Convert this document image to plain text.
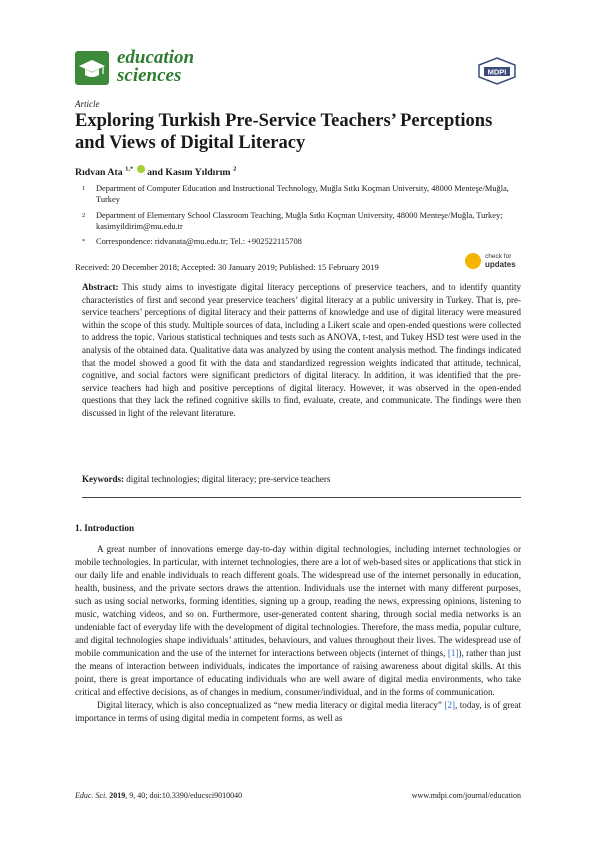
education
sciences	MDPI
Article
Exploring Turkish Pre-Service Teachers’ Perceptions and Views of Digital Literacy
Rıdvan Ata $^{1,*}$ and Kasım Yıldırım $^2$
1 Department of Computer Education and Instructional Technology, Muğla Sıtkı Koçman University, 48000 Menteşe/Muğla, Turkey
2 Department of Elementary School Classroom Teaching, Muğla Sıtkı Koçman University, 48000 Menteşe/Muğla, Turkey; kasimyildirim@mu.edu.tr
* Correspondence: ridvanata@mu.edu.tr; Tel.: +902522115708
Received: 20 December 2018; Accepted: 30 January 2019; Published: 15 February 2019
check for
updates
Abstract: This study aims to investigate digital literacy perceptions of preservice teachers, and to identify quantity characteristics of first and second year preservice teachers’ digital literacy at a public university in Turkey. That is, pre-service teachers’ perceptions of digital literacy and their patterns of knowledge and use of digital literacy were measured within the scope of this study. Multiple sources of data, including a Likert scale and open-ended questions were collected to address the topic. Various statistical techniques and tests such as ANOVA, t-test, and Tukey HSD test were used in the analysis of the obtained data. Qualitative data was analyzed by using the content analysis method. The findings indicated that the model showed a good fit with the data and standardized regression weights indicated that attitude, technical, cognitive, and social factors were significant predictors of digital literacy. In addition, it was identified that the pre-service teachers had high and positive perceptions of digital literacy. However, it was observed in the open-ended questions that they lack the refined cognitive skills to find, evaluate, create, and communicate. The findings were then discussed in light of the relevant literature.
Keywords: digital technologies; digital literacy; pre-service teachers
1. Introduction

A great number of innovations emerge day-to-day within digital technologies, including internet technologies or mobile technologies. In particular, with internet technologies, there are a lot of web-based sites or applications that stick in our daily life and enable individuals to reach different goals. The widespread use of the internet personally in education, health, business, and the private sectors draws the attention. Individuals use the internet with many different purposes, such as using social networks, forming identities, signing up a group, reading the news, expressing opinions, listening to music, watching videos, and so on. Furthermore, user-generated content sharing, through social media networks is an undeniable fact of everyday life with the development of digital technologies. Therefore, the mass media, popular culture, and digital technologies shape individuals’ attitudes, behaviours, and values throughout their lives. The widespread use of mobile communication and the use of the internet for interactions between objects (internet of things, [1]), rather than just the means of interaction between individuals, indicates the importance of raising awareness about digital skills. At this point, there is great importance of educating individuals who are well aware of digital media environments, who take critical and effective decisions, as of changes in medium, consumer/individual, and in the forms of communication.

Digital literacy, which is also conceptualized as “new media literacy or digital media literacy” [2], today, is of great importance in terms of using digital media in competent forms, as well as

Educ. Sci. 2019, 9, 40; doi:10.3390/educsci9010040	www.mdpi.com/journal/education
